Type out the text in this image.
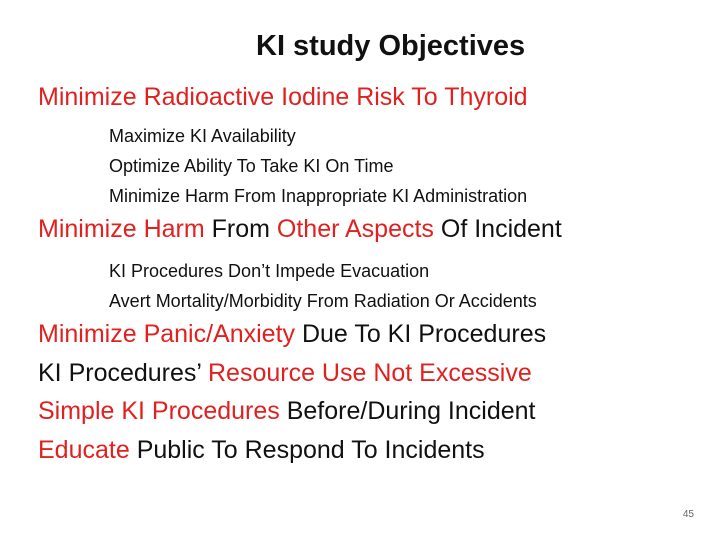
KI study Objectives
Minimize Radioactive Iodine Risk To Thyroid
Maximize KI Availability
Optimize Ability To Take KI On Time
Minimize Harm From Inappropriate KI Administration
Minimize Harm From Other Aspects Of Incident
KI Procedures Don’t Impede Evacuation
Avert Mortality/Morbidity From Radiation Or Accidents
Minimize Panic/Anxiety Due To KI Procedures
KI Procedures’ Resource Use Not Excessive
Simple KI Procedures Before/During Incident
Educate Public To Respond To Incidents
45
